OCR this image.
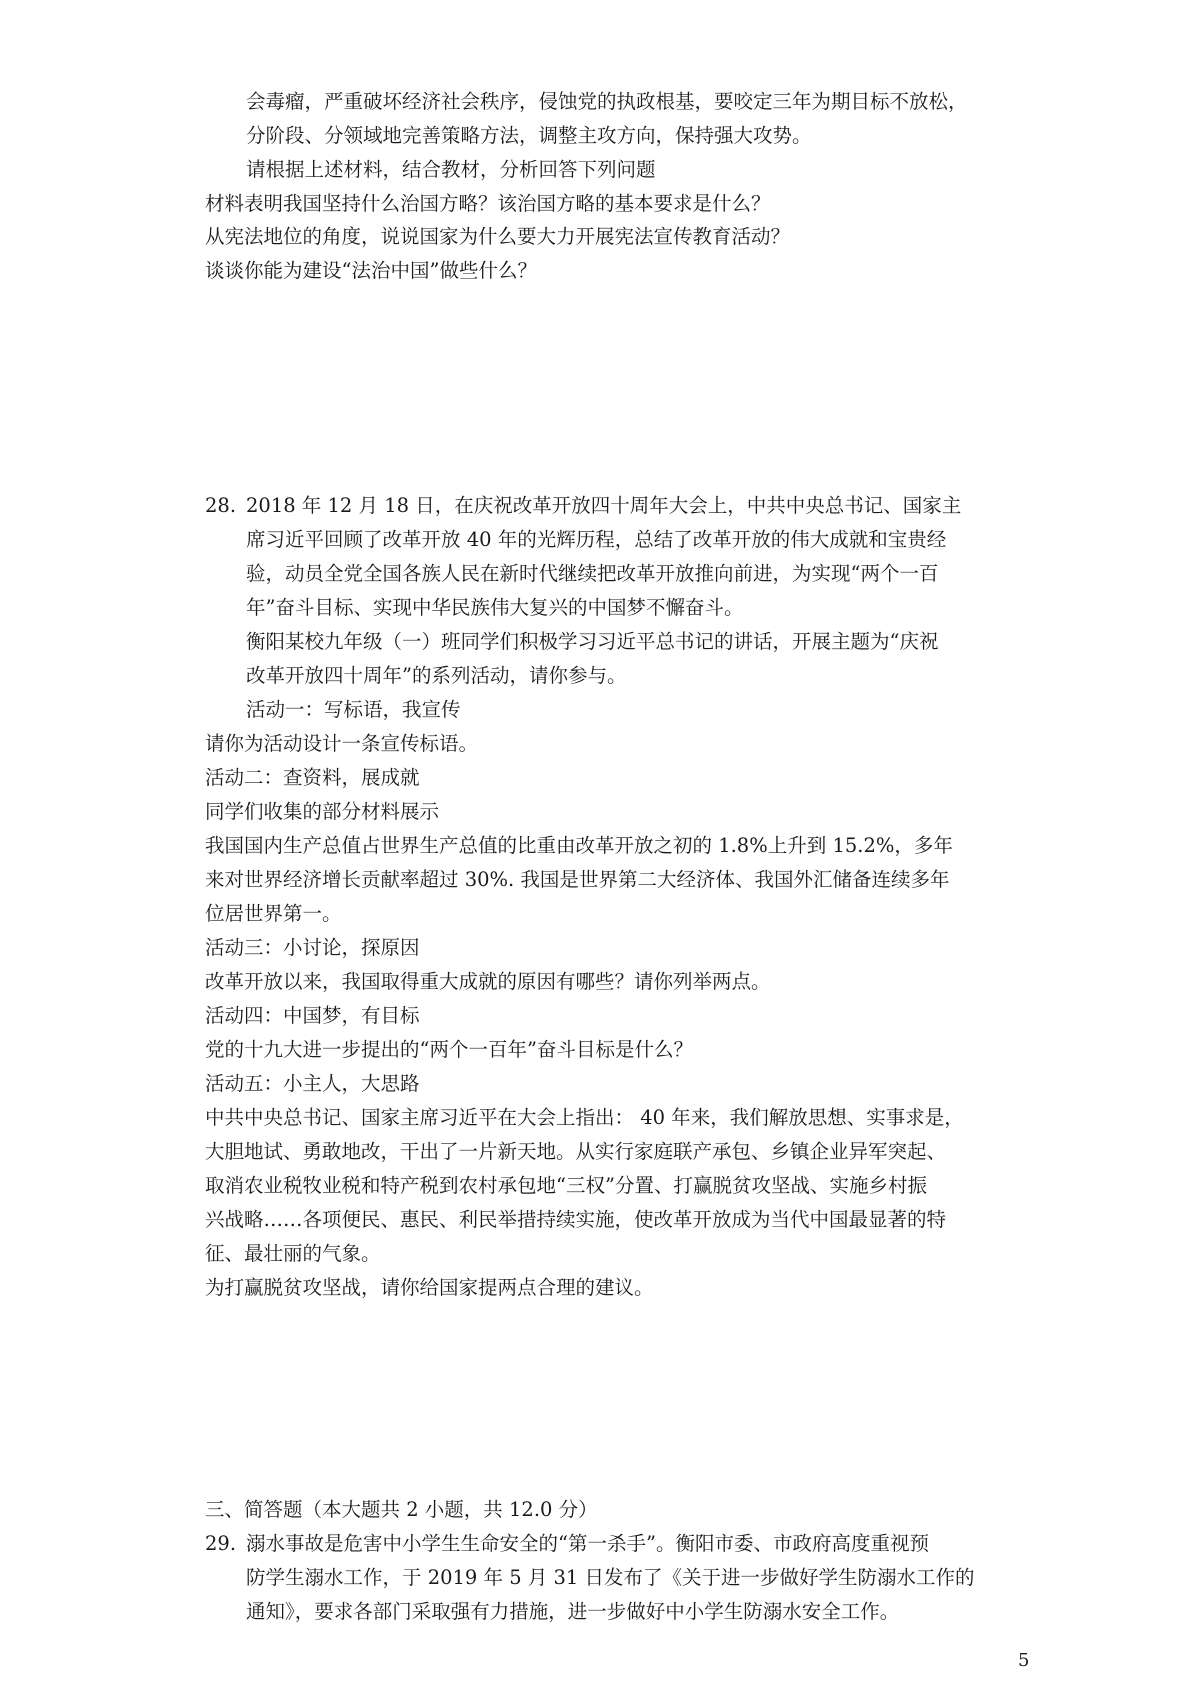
会毒瘤，严重破坏经济社会秩序，侵蚀党的执政根基，要咬定三年为期目标不放松，
分阶段、分领域地完善策略方法，调整主攻方向，保持强大攻势。
请根据上述材料，结合教材，分析回答下列问题
材料表明我国坚持什么治国方略？该治国方略的基本要求是什么？
从宪法地位的角度，说说国家为什么要大力开展宪法宣传教育活动？
谈谈你能为建设“法治中国”做些什么？
28. 2018 年 12 月 18 日，在庆祝改革开放四十周年大会上，中共中央总书记、国家主
席习近平回顾了改革开放 40 年的光辉历程，总结了改革开放的伟大成就和宝贵经
验，动员全党全国各族人民在新时代继续把改革开放推向前进，为实现“两个一百
年”奋斗目标、实现中华民族伟大复兴的中国梦不懈奋斗。
衡阳某校九年级（一）班同学们积极学习习近平总书记的讲话，开展主题为“庆祝
改革开放四十周年”的系列活动，请你参与。
活动一：写标语，我宣传
请你为活动设计一条宣传标语。
活动二：查资料，展成就
同学们收集的部分材料展示
我国国内生产总值占世界生产总值的比重由改革开放之初的 1.8%上升到 15.2%，多年
来对世界经济增长贡献率超过 30%. 我国是世界第二大经济体、我国外汇储备连续多年
位居世界第一。
活动三：小讨论，探原因
改革开放以来，我国取得重大成就的原因有哪些？请你列举两点。
活动四：中国梦，有目标
党的十九大进一步提出的“两个一百年”奋斗目标是什么？
活动五：小主人，大思路
中共中央总书记、国家主席习近平在大会上指出： 40 年来，我们解放思想、实事求是，
大胆地试、勇敢地改，干出了一片新天地。从实行家庭联产承包、乡镇企业异军突起、
取消农业税牧业税和特产税到农村承包地“三权”分置、打赢脱贫攻坚战、实施乡村振
兴战略……各项便民、惠民、利民举措持续实施，使改革开放成为当代中国最显著的特
征、最壮丽的气象。
为打赢脱贫攻坚战，请你给国家提两点合理的建议。
三、简答题（本大题共 2 小题，共 12.0 分）
29. 溺水事故是危害中小学生生命安全的“第一杀手”。衡阳市委、市政府高度重视预
防学生溺水工作，于 2019 年 5 月 31 日发布了《关于进一步做好学生防溺水工作的
通知》，要求各部门采取强有力措施，进一步做好中小学生防溺水安全工作。
5
